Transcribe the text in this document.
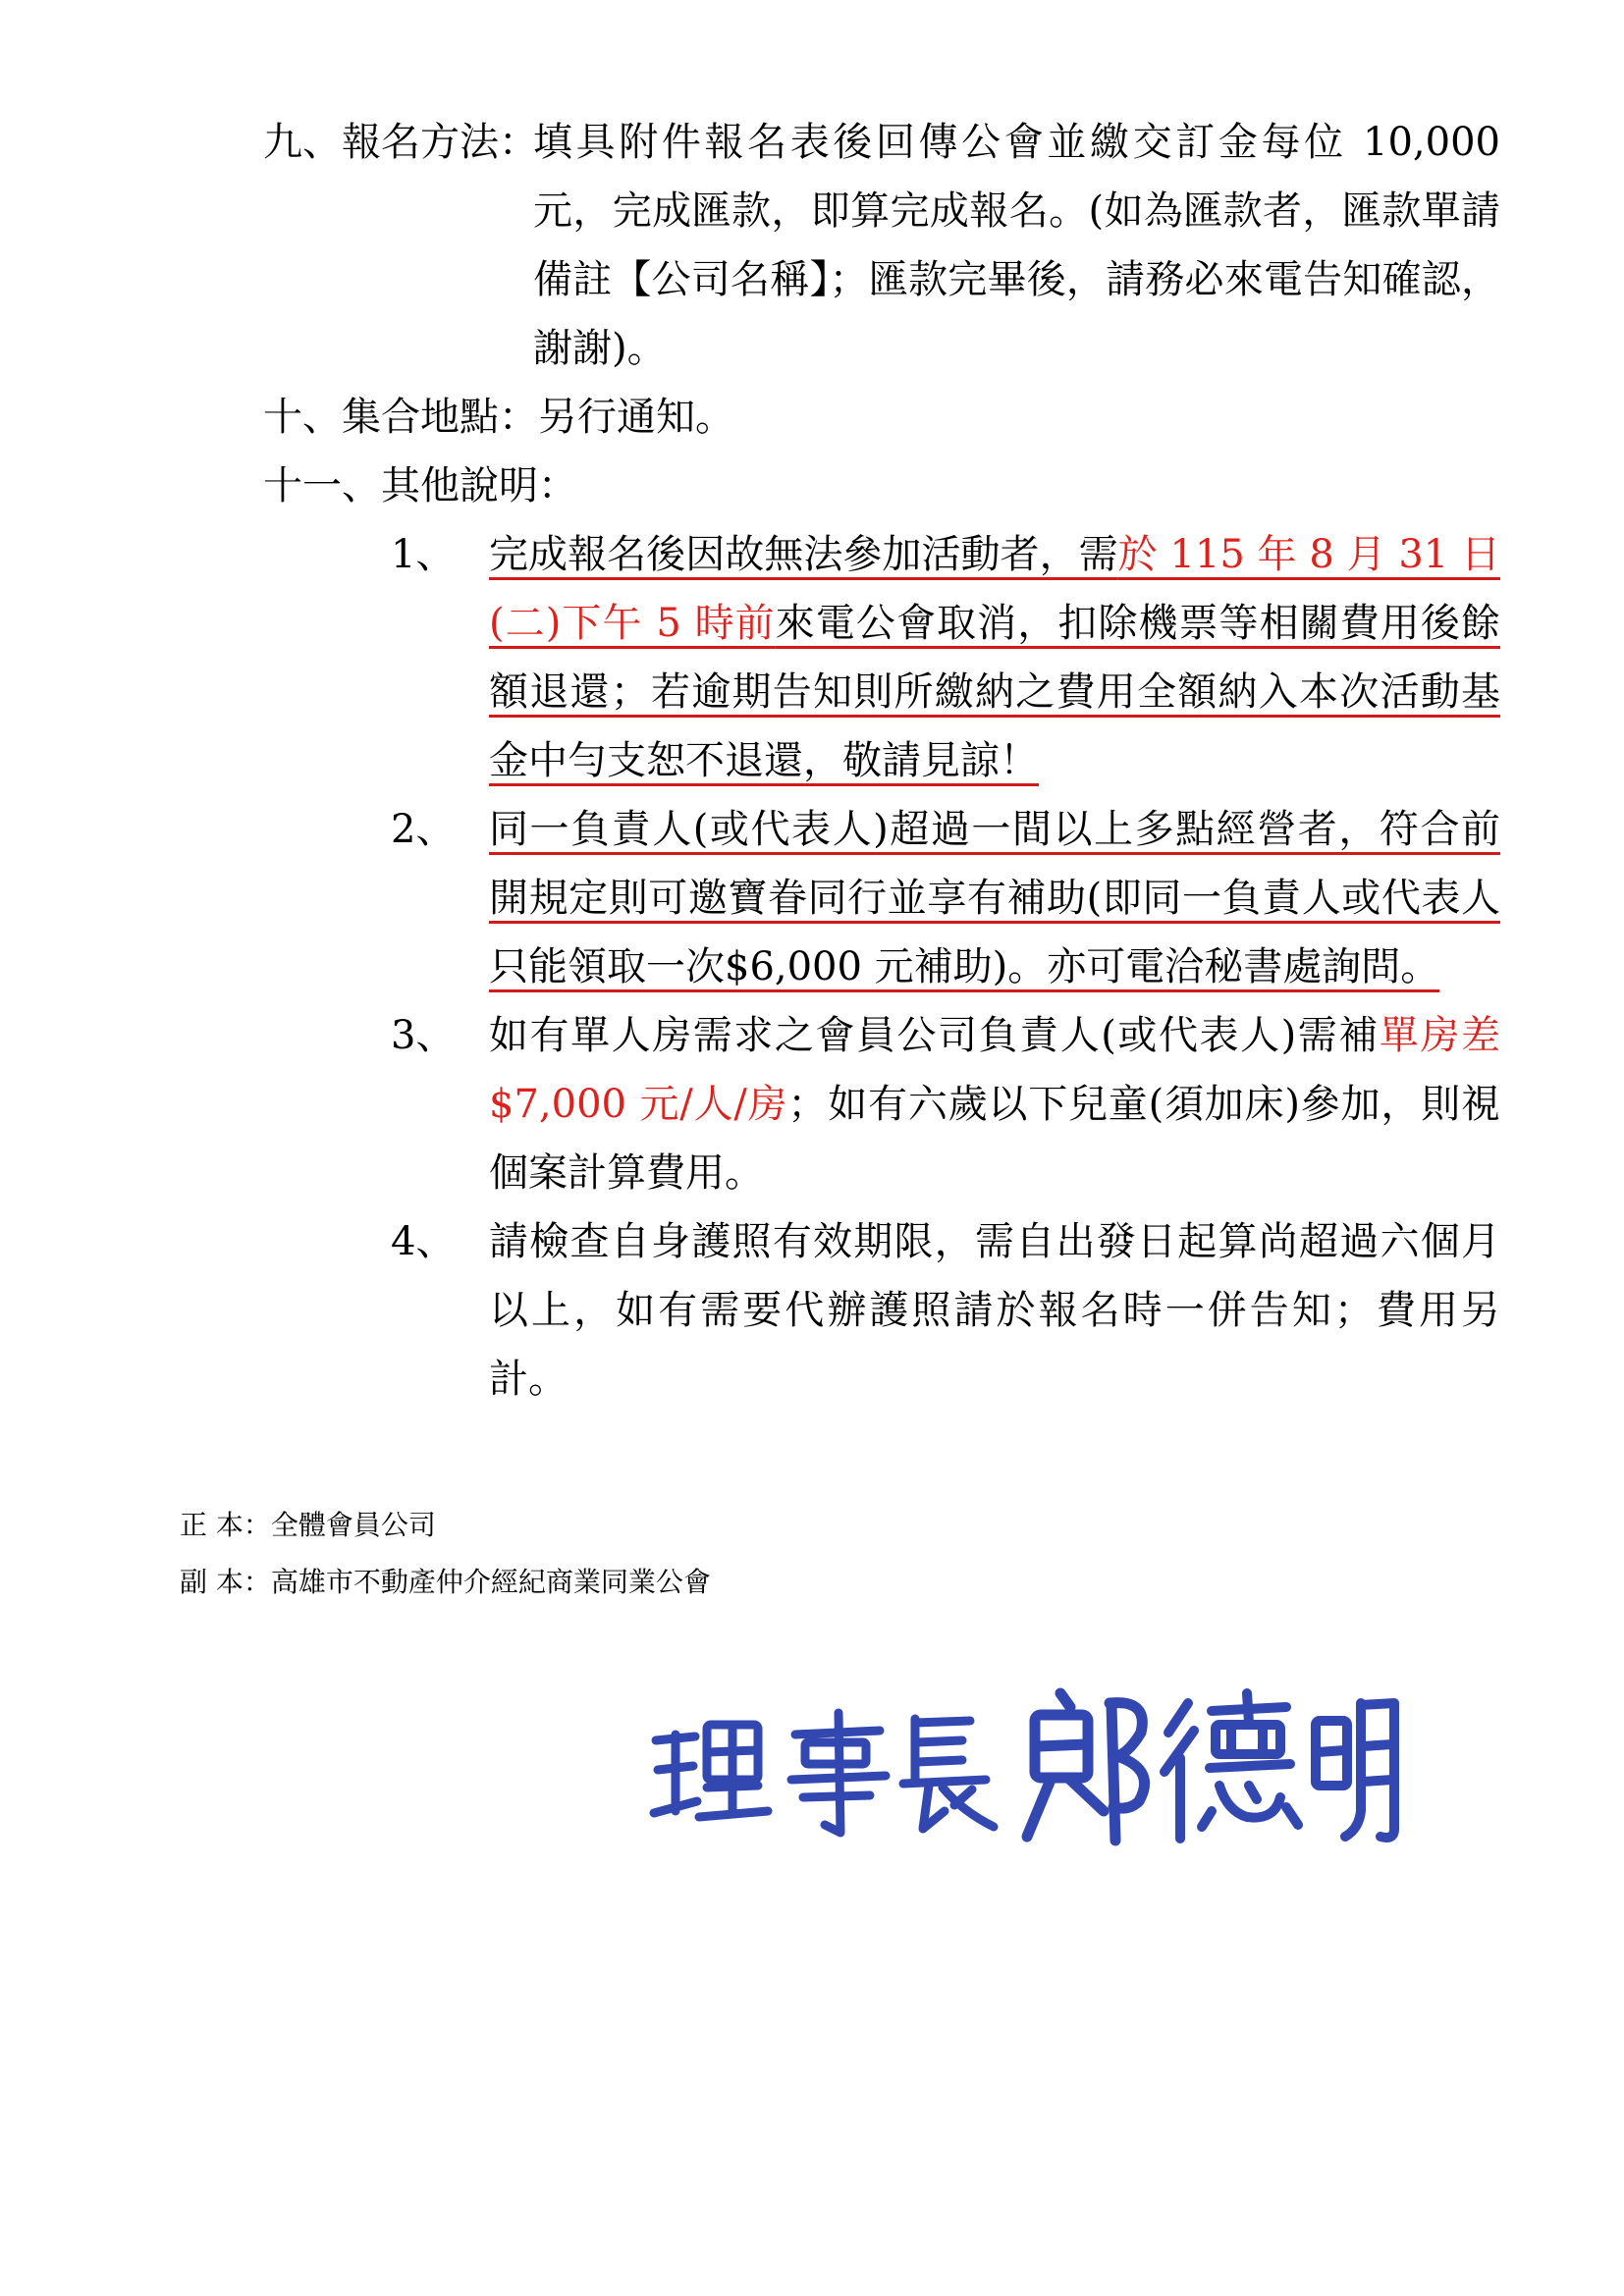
九、報名方法：
填具附件報名表後回傳公會並繳交訂金每位 10,000 元，完成匯款，即算完成報名。(如為匯款者，匯款單請備註【公司名稱】；匯款完畢後，請務必來電告知確認，謝謝)。
十、集合地點：另行通知。
十一、其他說明：
1、 完成報名後因故無法參加活動者，需於 115 年 8 月 31 日(二)下午 5 時前來電公會取消，扣除機票等相關費用後餘額退還；若逾期告知則所繳納之費用全額納入本次活動基金中勻支恕不退還，敬請見諒！
2、 同一負責人(或代表人)超過一間以上多點經營者，符合前開規定則可邀寶眷同行並享有補助(即同一負責人或代表人只能領取一次$6,000 元補助)。亦可電洽秘書處詢問。
3、 如有單人房需求之會員公司負責人(或代表人)需補單房差 $7,000 元/人/房；如有六歲以下兒童(須加床)參加，則視個案計算費用。
4、 請檢查自身護照有效期限，需自出發日起算尚超過六個月以上，如有需要代辦護照請於報名時一併告知；費用另計。
正 本：全體會員公司
副 本：高雄市不動產仲介經紀商業同業公會
